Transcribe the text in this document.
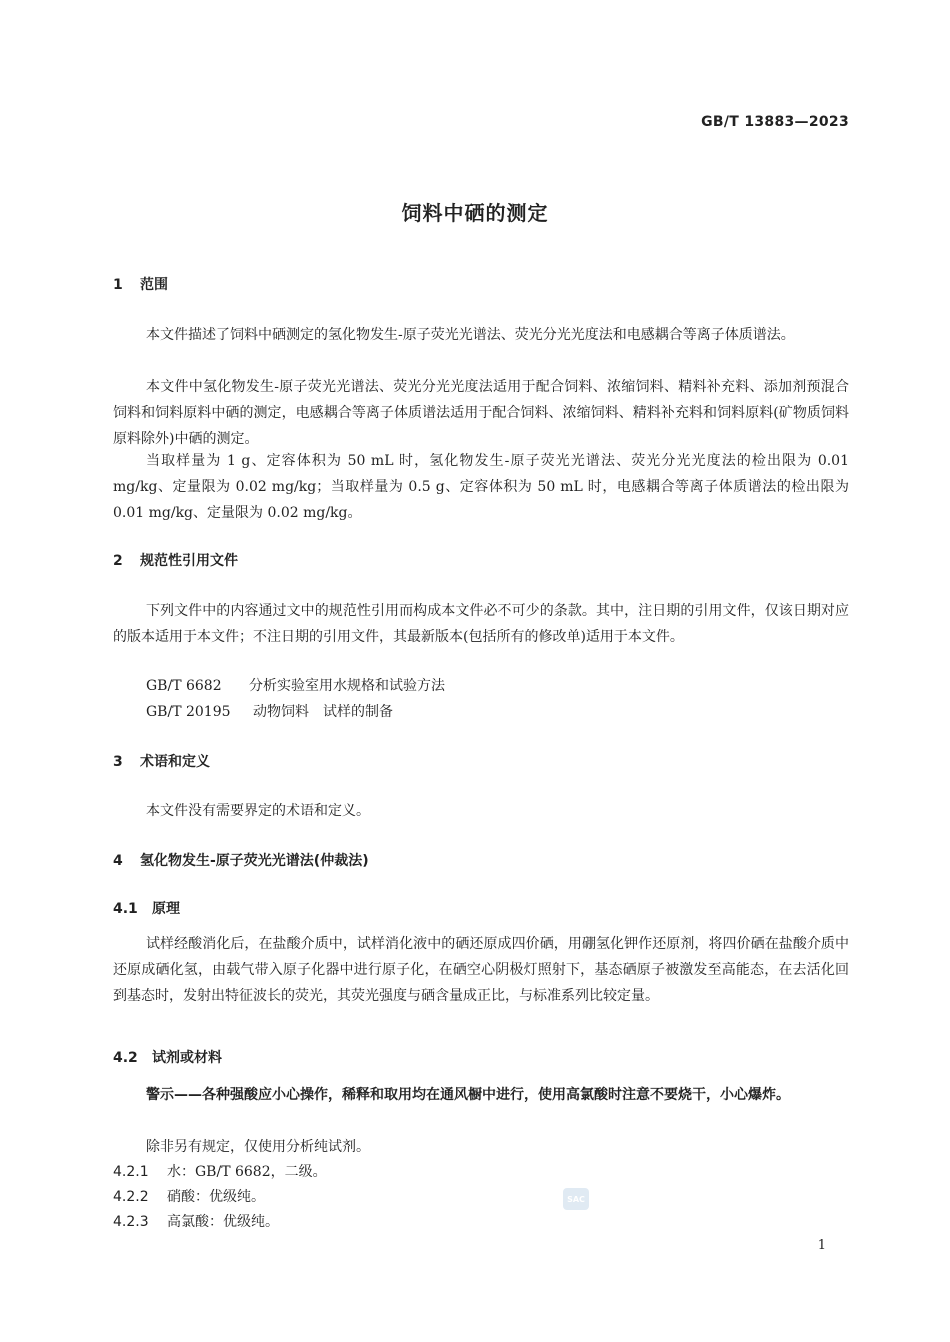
GB/T 13883—2023
饲料中硒的测定
1 范围

本文件描述了饲料中硒测定的氢化物发生-原子荧光光谱法、荧光分光光度法和电感耦合等离子体质谱法。

本文件中氢化物发生-原子荧光光谱法、荧光分光光度法适用于配合饲料、浓缩饲料、精料补充料、添加剂预混合饲料和饲料原料中硒的测定，电感耦合等离子体质谱法适用于配合饲料、浓缩饲料、精料补充料和饲料原料(矿物质饲料原料除外)中硒的测定。

当取样量为 1 g、定容体积为 50 mL 时，氢化物发生-原子荧光光谱法、荧光分光光度法的检出限为 0.01 mg/kg、定量限为 0.02 mg/kg；当取样量为 0.5 g、定容体积为 50 mL 时，电感耦合等离子体质谱法的检出限为 0.01 mg/kg、定量限为 0.02 mg/kg。

2 规范性引用文件

下列文件中的内容通过文中的规范性引用而构成本文件必不可少的条款。其中，注日期的引用文件，仅该日期对应的版本适用于本文件；不注日期的引用文件，其最新版本(包括所有的修改单)适用于本文件。

GB/T 6682 分析实验室用水规格和试验方法

GB/T 20195 动物饲料　试样的制备

3 术语和定义

本文件没有需要界定的术语和定义。

4 氢化物发生-原子荧光光谱法(仲裁法)
4.1 原理

试样经酸消化后，在盐酸介质中，试样消化液中的硒还原成四价硒，用硼氢化钾作还原剂，将四价硒在盐酸介质中还原成硒化氢，由载气带入原子化器中进行原子化，在硒空心阴极灯照射下，基态硒原子被激发至高能态，在去活化回到基态时，发射出特征波长的荧光，其荧光强度与硒含量成正比，与标准系列比较定量。

4.2 试剂或材料

警示——各种强酸应小心操作，稀释和取用均在通风橱中进行，使用高氯酸时注意不要烧干，小心爆炸。

除非另有规定，仅使用分析纯试剂。

4.2.1 水：GB/T 6682，二级。

4.2.2 硝酸：优级纯。

4.2.3 高氯酸：优级纯。

SAC
1
